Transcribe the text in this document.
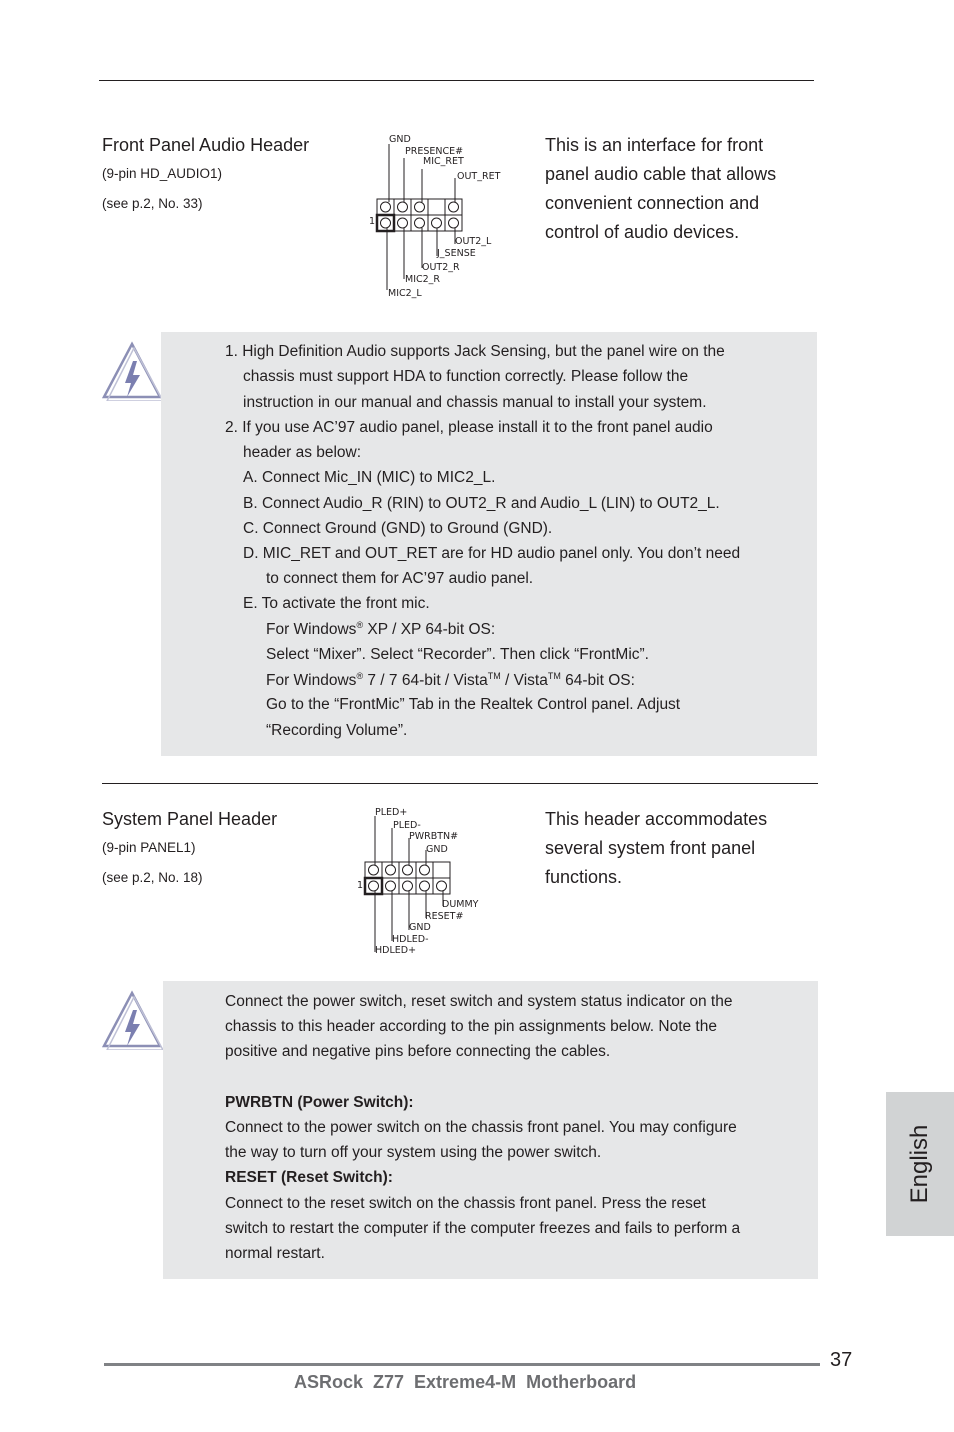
Front Panel Audio Header
(9-pin HD_AUDIO1)
(see p.2, No. 33)
This is an interface for front
panel audio cable that allows
convenient connection and
control of audio devices.
GND
PRESENCE#
MIC_RET
OUT_RET
1
OUT2_L
J_SENSE
OUT2_R
MIC2_R
MIC2_L
1. High Definition Audio supports Jack Sensing, but the panel wire on the
chassis must support HDA to function correctly. Please follow the
instruction in our manual and chassis manual to install your system.
2. If you use AC’97 audio panel, please install it to the front panel audio
header as below:
A. Connect Mic_IN (MIC) to MIC2_L.
B. Connect Audio_R (RIN) to OUT2_R and Audio_L (LIN) to OUT2_L.
C. Connect Ground (GND) to Ground (GND).
D. MIC_RET and OUT_RET are for HD audio panel only. You don’t need
to connect them for AC’97 audio panel.
E. To activate the front mic.
For Windows® XP / XP 64-bit OS:
Select “Mixer”. Select “Recorder”. Then click “FrontMic”.
For Windows® 7 / 7 64-bit / Vista™ / Vista™ 64-bit OS:
Go to the “FrontMic” Tab in the Realtek Control panel. Adjust
“Recording Volume”.
System Panel Header
(9-pin PANEL1)
(see p.2, No. 18)
This header accommodates
several system front panel
functions.
PLED+
PLED-
PWRBTN#
GND
1
DUMMY
RESET#
GND
HDLED-
HDLED+
Connect the power switch, reset switch and system status indicator on the
chassis to this header according to the pin assignments below. Note the
positive and negative pins before connecting the cables.
PWRBTN (Power Switch):
Connect to the power switch on the chassis front panel. You may configure
the way to turn off your system using the power switch.
RESET (Reset Switch):
Connect to the reset switch on the chassis front panel. Press the reset
switch to restart the computer if the computer freezes and fails to perform a
normal restart.
English
37
ASRock  Z77  Extreme4-M  Motherboard
